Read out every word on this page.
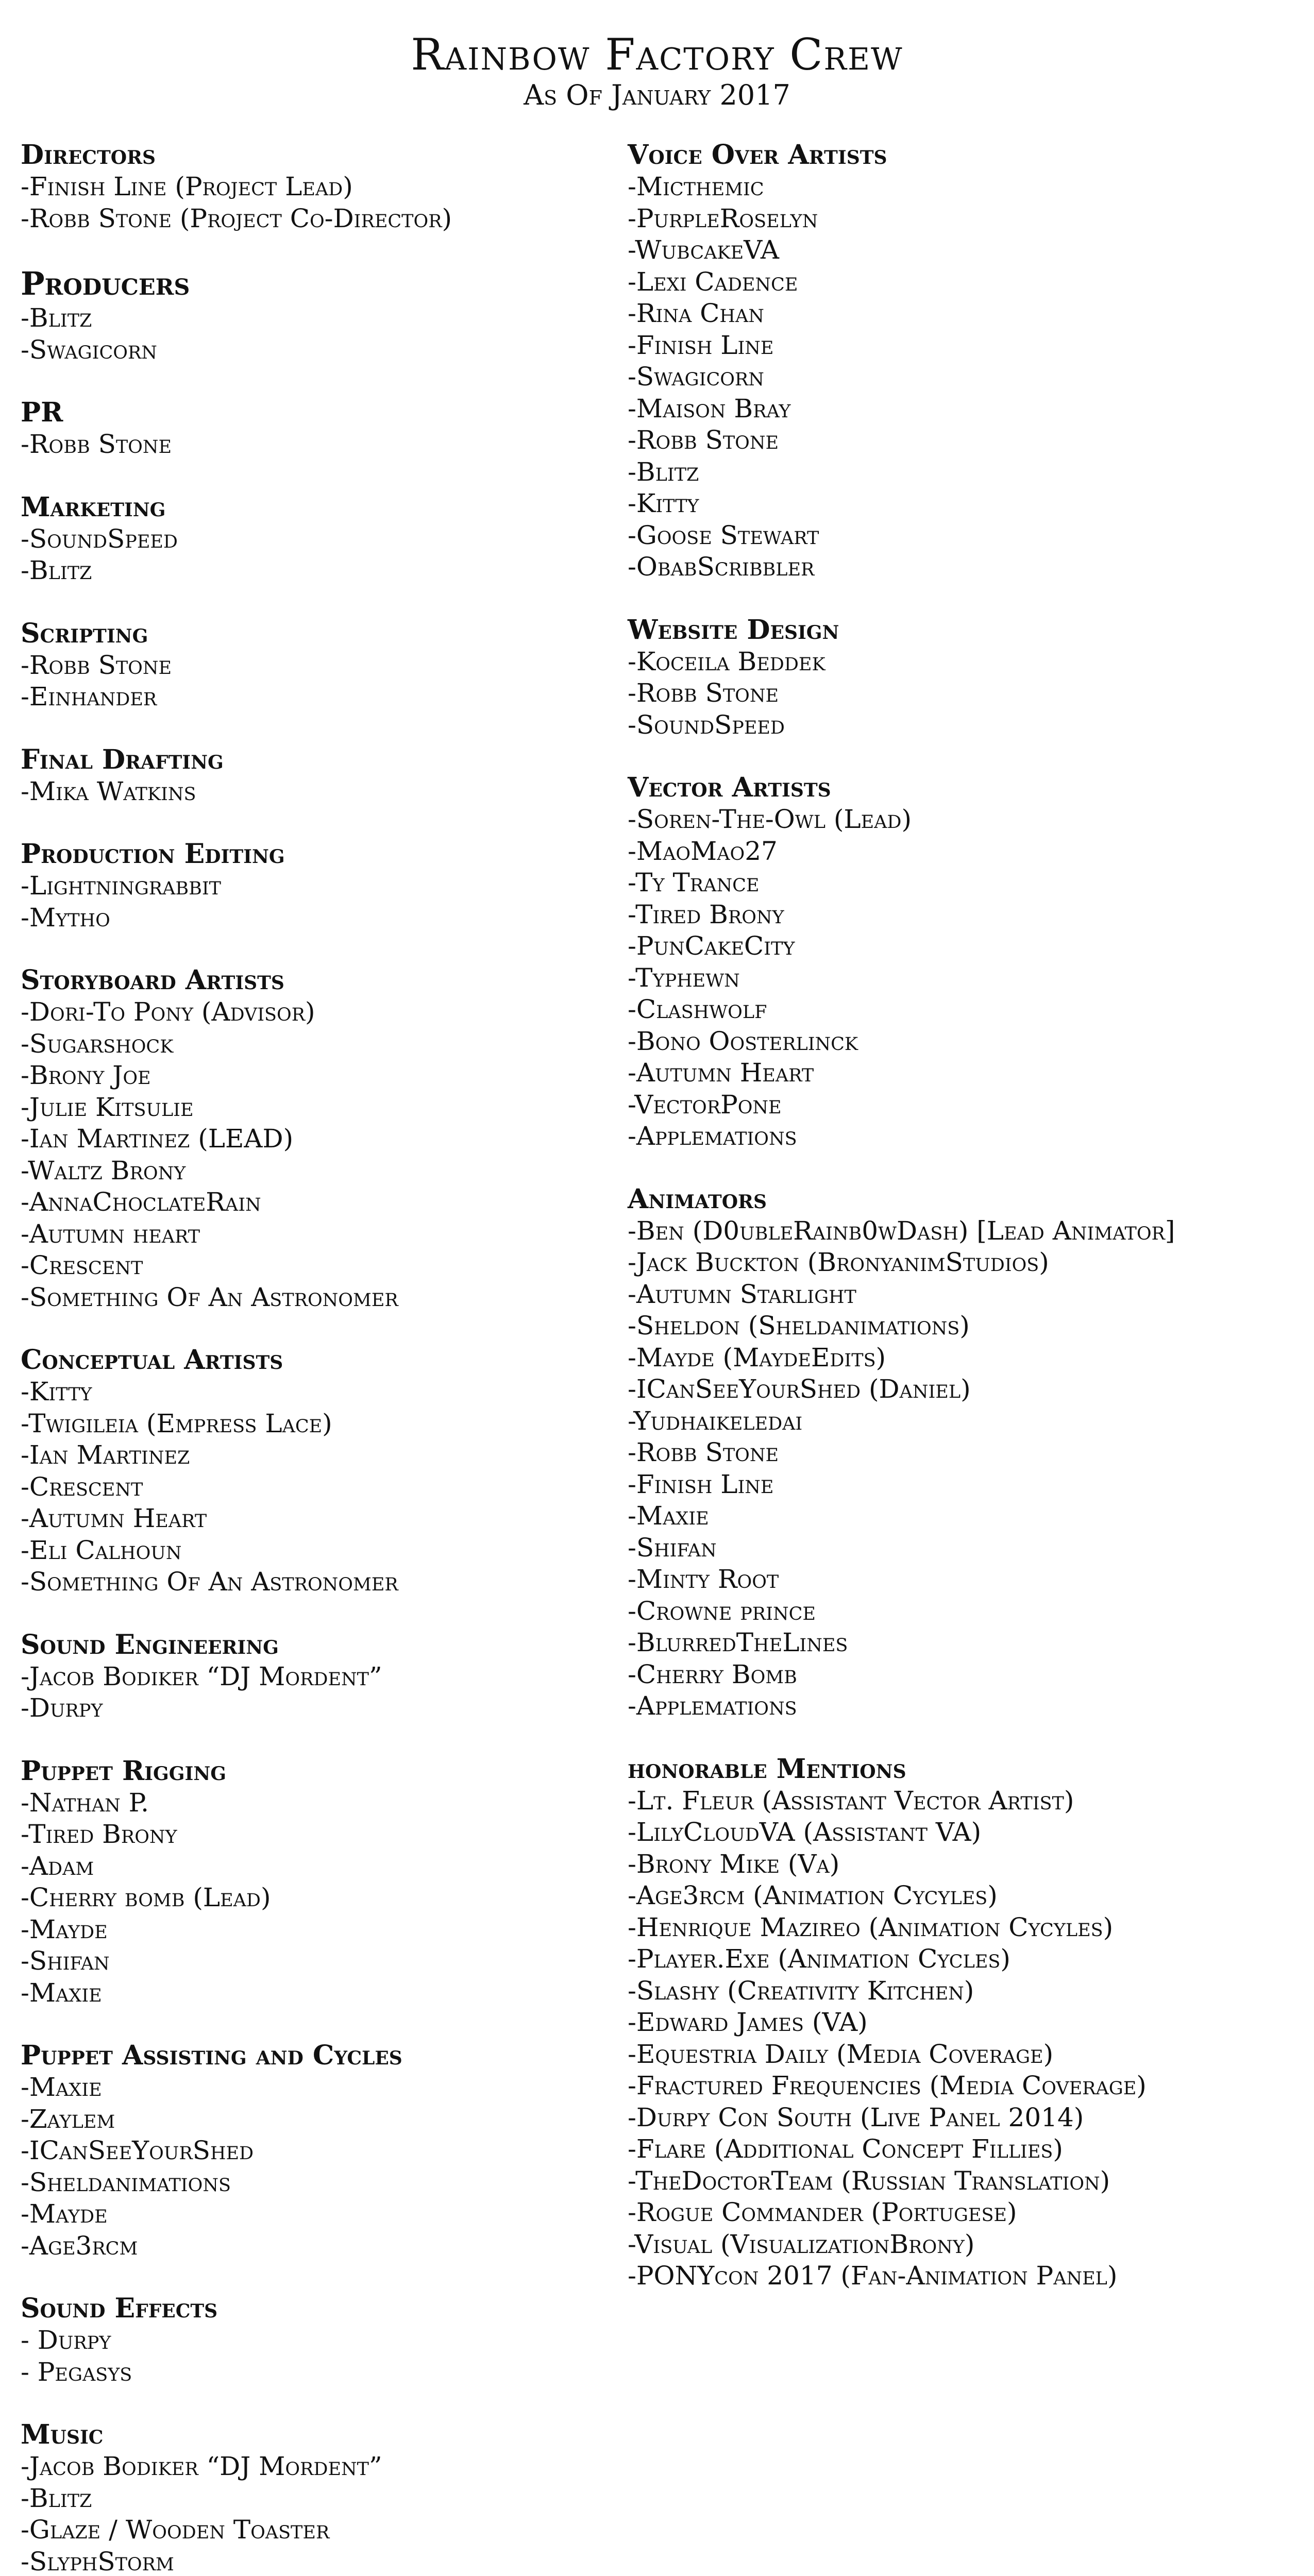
Rainbow Factory Crew
As Of January 2017
Directors
-Finish Line (Project Lead)
-Robb Stone (Project Co-Director)
Producers
-Blitz
-Swagicorn
PR
-Robb Stone
Marketing
-SoundSpeed
-Blitz
Scripting
-Robb Stone
-Einhander
Final Drafting
-Mika Watkins
Production Editing
-Lightningrabbit
-Mytho
Storyboard Artists
-Dori-To Pony (Advisor)
-Sugarshock
-Brony Joe
-Julie Kitsulie
-Ian Martinez (LEAD)
-Waltz Brony
-AnnaChoclateRain
-Autumn heart
-Crescent
-Something Of An Astronomer
Conceptual Artists
-Kitty
-Twigileia (Empress Lace)
-Ian Martinez
-Crescent
-Autumn Heart
-Eli Calhoun
-Something Of An Astronomer
Sound Engineering
-Jacob Bodiker “DJ Mordent”
-Durpy
Puppet Rigging
-Nathan P.
-Tired Brony
-Adam
-Cherry bomb (Lead)
-Mayde
-Shifan
-Maxie
Puppet Assisting and Cycles
-Maxie
-Zaylem
-ICanSeeYourShed
-Sheldanimations
-Mayde
-Age3rcm
Sound Effects
- Durpy
- Pegasys
Music
-Jacob Bodiker “DJ Mordent”
-Blitz
-Glaze / Wooden Toaster
-SlyphStorm
Voice Over Artists
-Micthemic
-PurpleRoselyn
-WubcakeVA
-Lexi Cadence
-Rina Chan
-Finish Line
-Swagicorn
-Maison Bray
-Robb Stone
-Blitz
-Kitty
-Goose Stewart
-ObabScribbler
Website Design
-Koceila Beddek
-Robb Stone
-SoundSpeed
Vector Artists
-Soren-The-Owl (Lead)
-MaoMao27
-Ty Trance
-Tired Brony
-PunCakeCity
-Typhewn
-Clashwolf
-Bono Oosterlinck
-Autumn Heart
-VectorPone
-Applemations
Animators
-Ben (D0ubleRainb0wDash) [Lead Animator]
-Jack Buckton (BronyanimStudios)
-Autumn Starlight
-Sheldon (Sheldanimations)
-Mayde (MaydeEdits)
-ICanSeeYourShed (Daniel)
-Yudhaikeledai
-Robb Stone
-Finish Line
-Maxie
-Shifan
-Minty Root
-Crowne prince
-BlurredTheLines
-Cherry Bomb
-Applemations
honorable Mentions
-Lt. Fleur (Assistant Vector Artist)
-LilyCloudVA (Assistant VA)
-Brony Mike (Va)
-Age3rcm (Animation Cycyles)
-Henrique Mazireo (Animation Cycyles)
-Player.Exe (Animation Cycles)
-Slashy (Creativity Kitchen)
-Edward James (VA)
-Equestria Daily (Media Coverage)
-Fractured Frequencies (Media Coverage)
-Durpy Con South (Live Panel 2014)
-Flare (Additional Concept Fillies)
-TheDoctorTeam (Russian Translation)
-Rogue Commander (Portugese)
-Visual (VisualizationBrony)
-PONYcon 2017 (Fan-Animation Panel)
